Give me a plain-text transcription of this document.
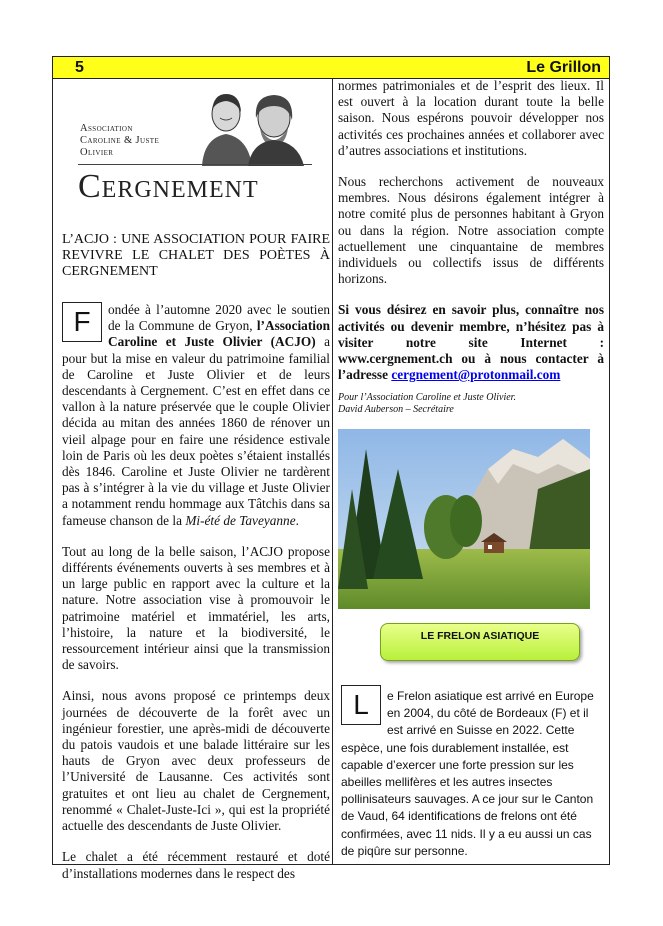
5	Le Grillon
Association
Caroline & Juste
Olivier
Cergnement
L’ACJO : UNE ASSOCIATION POUR FAIRE REVIVRE LE CHALET DES POÈTES À CERGNEMENT

F	ondée à l’automne 2020 avec le soutien de la Commune de Gryon, l’Association Caroline et Juste Olivier (ACJO) a pour but la mise en valeur du patrimoine familial de Caroline et Juste Olivier et de leurs descendants à Cergnement. C’est en effet dans ce vallon à la nature préservée que le couple Olivier décida au mitan des années 1860 de rénover un vieil alpage pour en faire une résidence estivale loin de Paris où les deux poètes s’étaient installés dès 1846. Caroline et Juste Olivier ne tardèrent pas à s’intégrer à la vie du village et Juste Olivier a notamment rendu hommage aux Tâtchis dans sa fameuse chanson de la Mi-été de Taveyanne.

Tout au long de la belle saison, l’ACJO propose différents événements ouverts à ses membres et à un large public en rapport avec la culture et la nature. Notre association vise à promouvoir le patrimoine matériel et immatériel, les arts, l’histoire, la nature et la biodiversité, le ressourcement intérieur ainsi que la transmission de savoirs.

Ainsi, nous avons proposé ce printemps deux journées de découverte de la forêt avec un ingénieur forestier, une après-midi de découverte du patois vaudois et une balade littéraire sur les hauts de Gryon avec deux professeurs de l’Université de Lausanne. Ces activités sont gratuites et ont lieu au chalet de Cergnement, renommé « Chalet-Juste-Ici », qui est la propriété actuelle des descendants de Juste Olivier.

Le chalet a été récemment restauré et doté d’installations modernes dans le respect des

normes patrimoniales et de l’esprit des lieux. Il est ouvert à la location durant toute la belle saison. Nous espérons pouvoir développer nos activités ces prochaines années et collaborer avec d’autres associations et institutions.

Nous recherchons activement de nouveaux membres. Nous désirons également intégrer à notre comité plus de personnes habitant à Gryon ou dans la région. Notre association compte actuellement une cinquantaine de membres individuels ou collectifs issus de différents horizons.

Si vous désirez en savoir plus, connaître nos activités ou devenir membre, n’hésitez pas à visiter notre site Internet : www.cergnement.ch ou à nous contacter à l’adresse cergnement@protonmail.com

Pour l’Association Caroline et Juste Olivier.
David Auberson – Secrétaire
LE FRELON ASIATIQUE
L	e Frelon asiatique est arrivé en Europe en 2004, du côté de Bordeaux (F) et il est arrivé en Suisse en 2022. Cette espèce, une fois durablement installée, est capable d’exercer une forte pression sur les abeilles mellifères et les autres insectes pollinisateurs sauvages. A ce jour sur le Canton de Vaud, 64 identifications de frelons ont été confirmées, avec 11 nids. Il y a eu aussi un cas de piqûre sur personne.
